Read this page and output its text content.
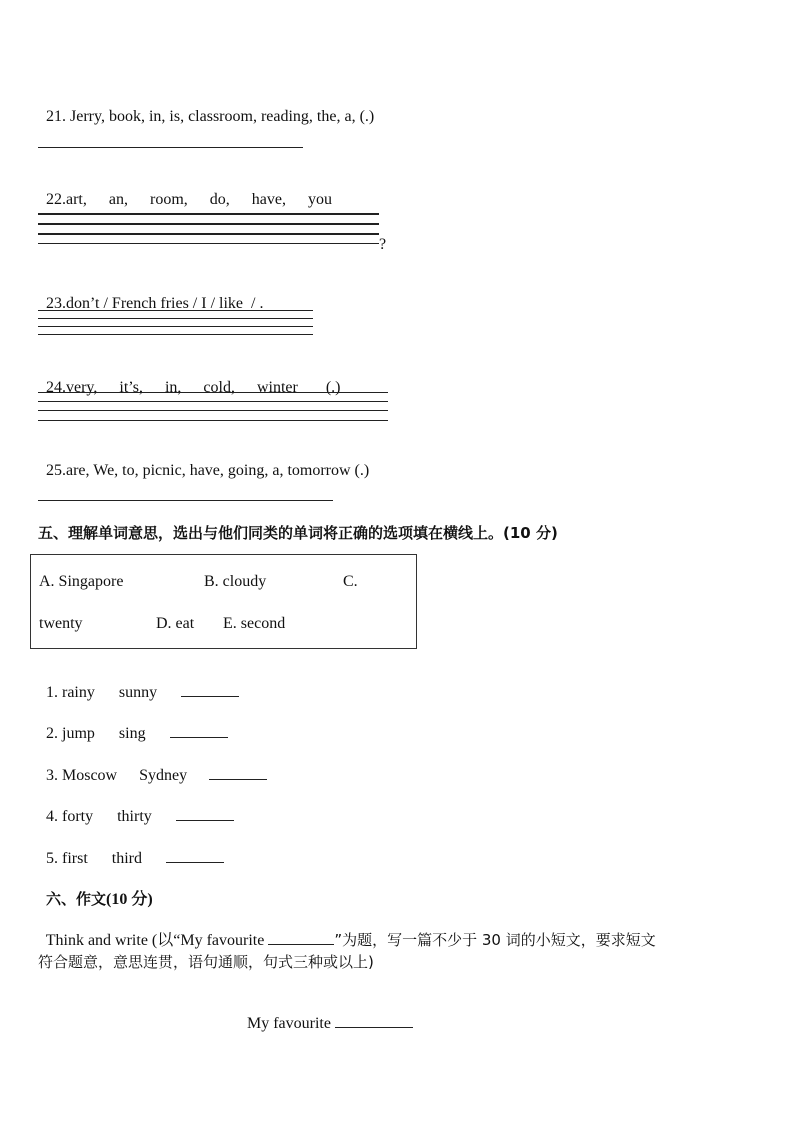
21. Jerry, book, in, is, classroom, reading, the, a, (.)

22.art, an, room, do, have, you

?

23.don’t / French fries / I / like  / .

24.very, it’s, in, cold, winter (.)

25.are, We, to, picnic, have, going, a, tomorrow (.)

五、理解单词意思，选出与他们同类的单词将正确的选项填在横线上。(10 分)
A. Singapore	B. cloudy	C.
twenty	D. eat E. second

1. rainy sunny

2. jump sing

3. Moscow Sydney

4. forty thirty

5. first third

六、作文(10 分)

Think and write (以“My favourite	”为题，写一篇不少于 30 词的小短文，要求短文

符合题意，意思连贯，语句通顺，句式三种或以上)

My favourite
